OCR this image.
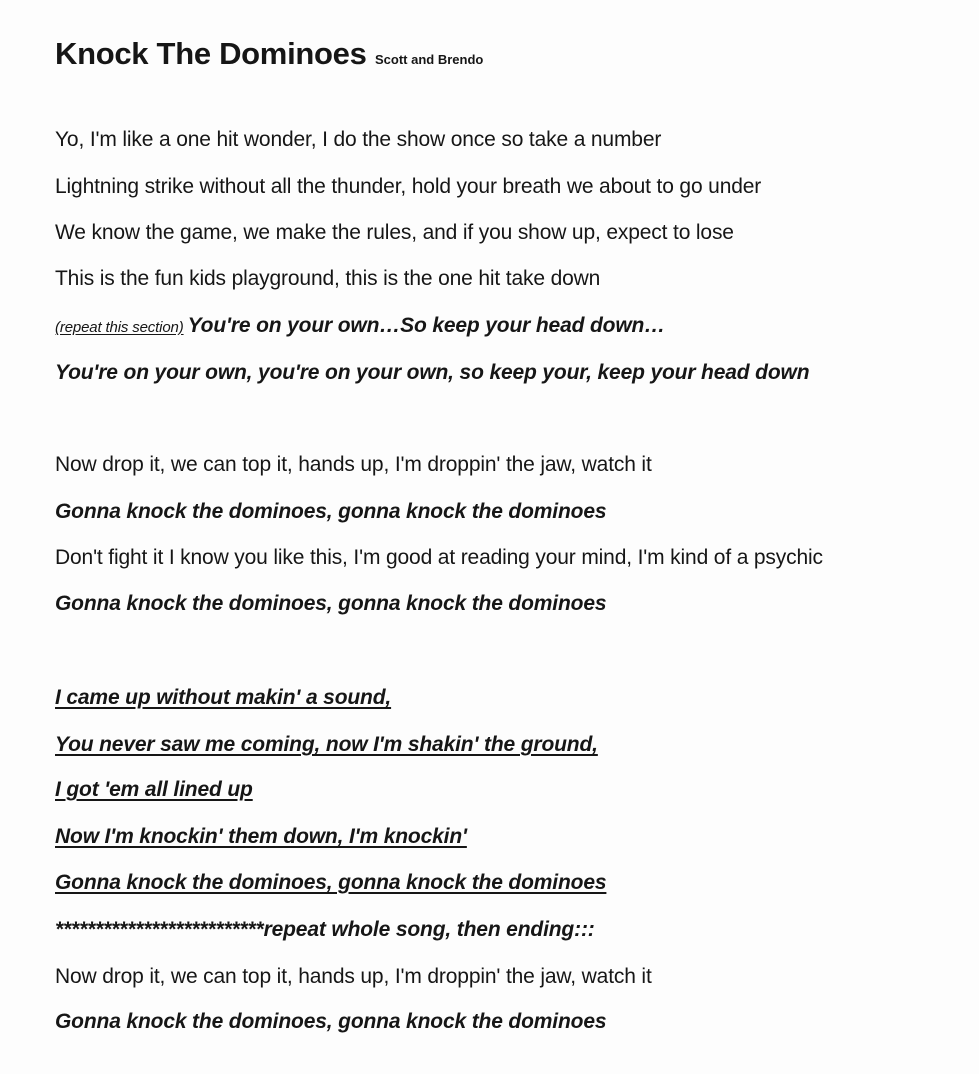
Knock The Dominoes Scott and Brendo
Yo, I'm like a one hit wonder, I do the show once so take a number
Lightning strike without all the thunder, hold your breath we about to go under
We know the game, we make the rules, and if you show up, expect to lose
This is the fun kids playground, this is the one hit take down
(repeat this section) You're on your own…So keep your head down…
You're on your own, you're on your own, so keep your, keep your head down
Now drop it, we can top it, hands up, I'm droppin' the jaw, watch it
Gonna knock the dominoes, gonna knock the dominoes
Don't fight it I know you like this, I'm good at reading your mind, I'm kind of a psychic
Gonna knock the dominoes, gonna knock the dominoes
I came up without makin' a sound,
You never saw me coming, now I'm shakin' the ground,
I got 'em all lined up
Now I'm knockin' them down, I'm knockin'
Gonna knock the dominoes, gonna knock the dominoes
**************************repeat whole song, then ending:::
Now drop it, we can top it, hands up, I'm droppin' the jaw, watch it
Gonna knock the dominoes, gonna knock the dominoes
